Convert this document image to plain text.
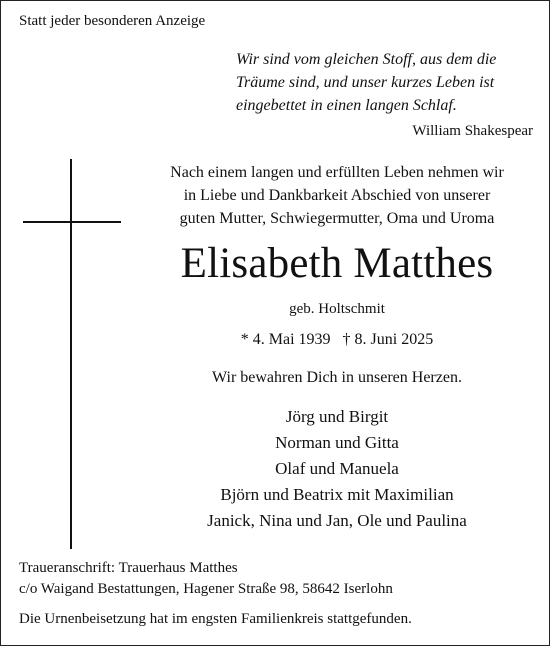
Statt jeder besonderen Anzeige
Wir sind vom gleichen Stoff, aus dem die
Träume sind, und unser kurzes Leben ist
eingebettet in einen langen Schlaf.
William Shakespear
Nach einem langen und erfüllten Leben nehmen wir
in Liebe und Dankbarkeit Abschied von unserer
guten Mutter, Schwiegermutter, Oma und Uroma
Elisabeth Matthes
geb. Holtschmit
* 4. Mai 1939 † 8. Juni 2025
Wir bewahren Dich in unseren Herzen.
Jörg und Birgit
Norman und Gitta
Olaf und Manuela
Björn und Beatrix mit Maximilian
Janick, Nina und Jan, Ole und Paulina
Traueranschrift: Trauerhaus Matthes
c/o Waigand Bestattungen, Hagener Straße 98, 58642 Iserlohn
Die Urnenbeisetzung hat im engsten Familienkreis stattgefunden.
